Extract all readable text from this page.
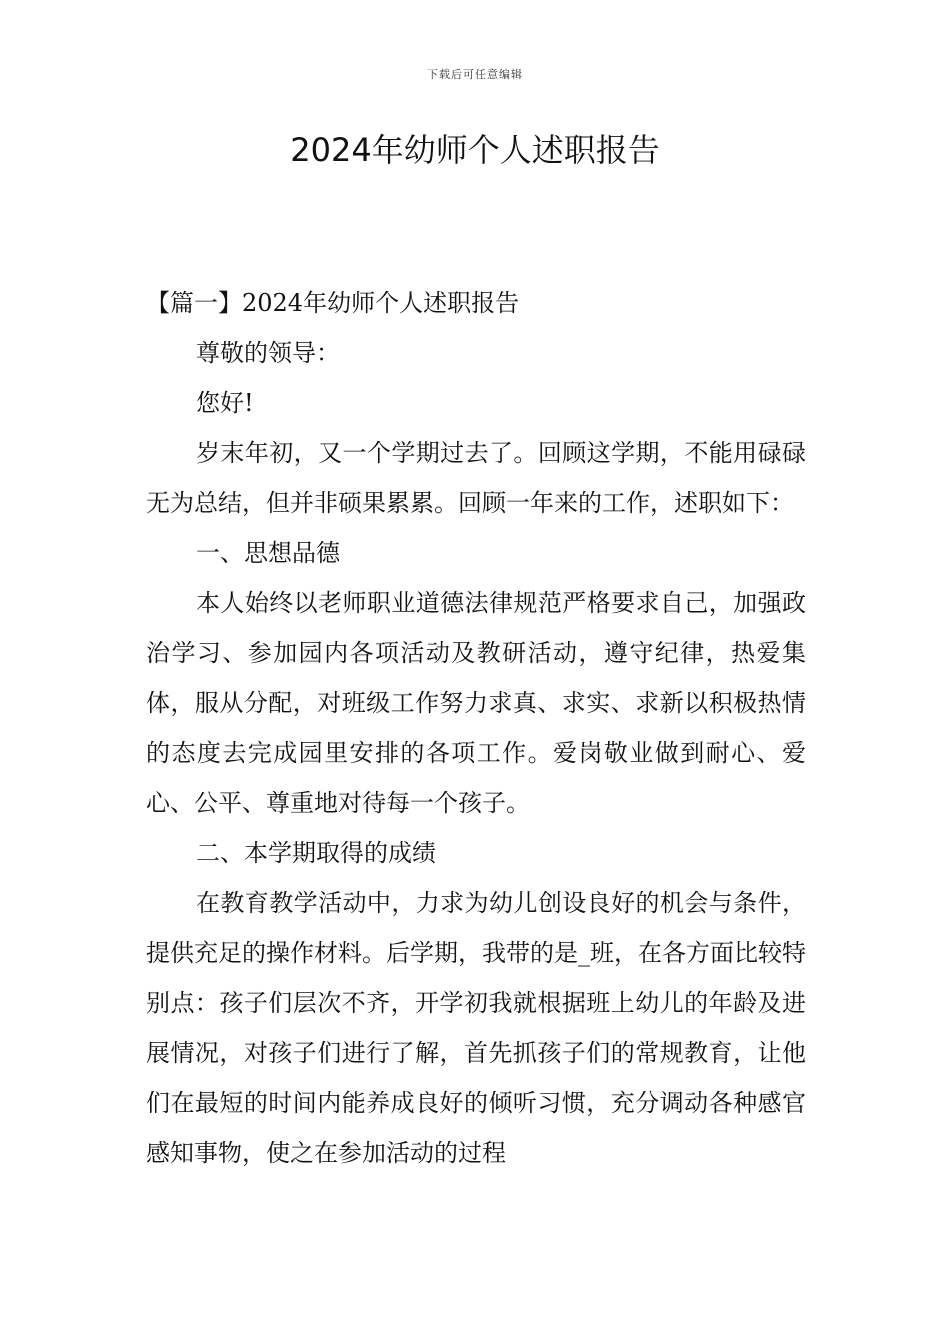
下载后可任意编辑
2024年幼师个人述职报告

【篇一】2024年幼师个人述职报告

尊敬的领导：

您好!

岁末年初，又一个学期过去了。回顾这学期，不能用碌碌无为总结，但并非硕果累累。回顾一年来的工作，述职如下：

一、思想品德

本人始终以老师职业道德法律规范严格要求自己，加强政治学习、参加园内各项活动及教研活动，遵守纪律，热爱集体，服从分配，对班级工作努力求真、求实、求新以积极热情的态度去完成园里安排的各项工作。爱岗敬业做到耐心、爱心、公平、尊重地对待每一个孩子。

二、本学期取得的成绩

在教育教学活动中，力求为幼儿创设良好的机会与条件，提供充足的操作材料。后学期，我带的是_班，在各方面比较特别点：孩子们层次不齐，开学初我就根据班上幼儿的年龄及进展情况，对孩子们进行了解，首先抓孩子们的常规教育，让他们在最短的时间内能养成良好的倾听习惯，充分调动各种感官感知事物，使之在参加活动的过程
